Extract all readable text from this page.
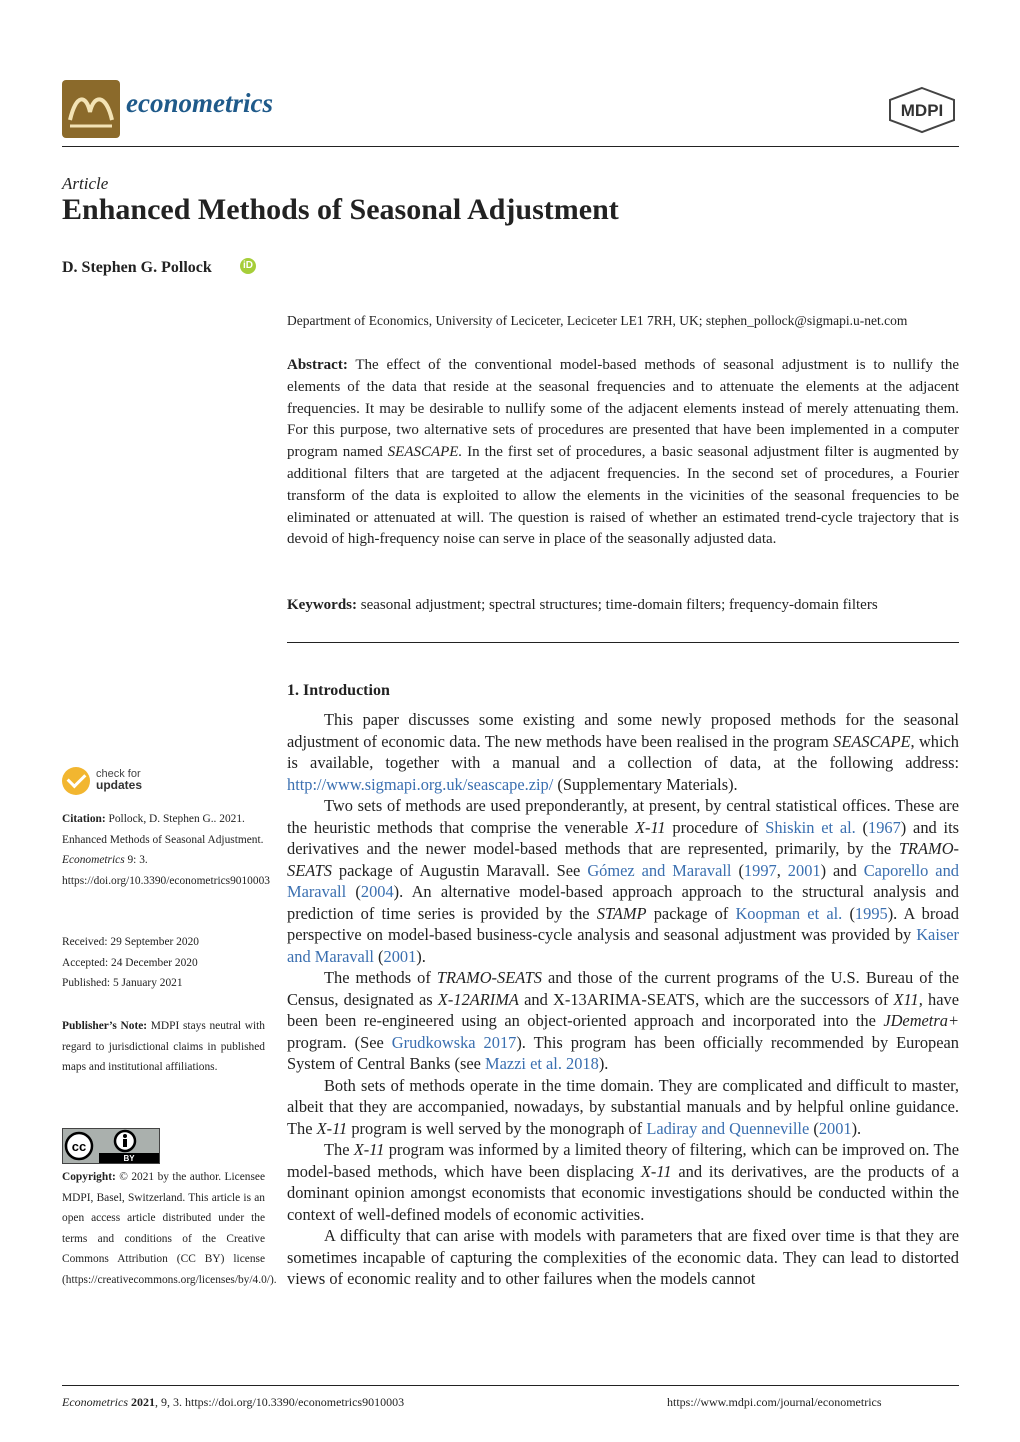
econometrics	MDPI
Article
Enhanced Methods of Seasonal Adjustment
D. Stephen G. Pollock	iD
Department of Economics, University of Leciceter, Leciceter LE1 7RH, UK; stephen_pollock@sigmapi.u-net.com

Abstract: The effect of the conventional model-based methods of seasonal adjustment is to nullify the elements of the data that reside at the seasonal frequencies and to attenuate the elements at the adjacent frequencies. It may be desirable to nullify some of the adjacent elements instead of merely attenuating them. For this purpose, two alternative sets of procedures are presented that have been implemented in a computer program named SEASCAPE. In the first set of procedures, a basic seasonal adjustment filter is augmented by additional filters that are targeted at the adjacent frequencies. In the second set of procedures, a Fourier transform of the data is exploited to allow the elements in the vicinities of the seasonal frequencies to be eliminated or attenuated at will. The question is raised of whether an estimated trend-cycle trajectory that is devoid of high-frequency noise can serve in place of the seasonally adjusted data.

Keywords: seasonal adjustment; spectral structures; time-domain filters; frequency-domain filters

1. Introduction

This paper discusses some existing and some newly proposed methods for the seasonal adjustment of economic data. The new methods have been realised in the program SEASCAPE, which is available, together with a manual and a collection of data, at the following address: http://www.sigmapi.org.uk/seascape.zip/ (Supplementary Materials).

Two sets of methods are used preponderantly, at present, by central statistical offices. These are the heuristic methods that comprise the venerable X-11 procedure of Shiskin et al. (1967) and its derivatives and the newer model-based methods that are represented, primarily, by the TRAMO-SEATS package of Augustin Maravall. See Gómez and Maravall (1997, 2001) and Caporello and Maravall (2004). An alternative model-based approach approach to the structural analysis and prediction of time series is provided by the STAMP package of Koopman et al. (1995). A broad perspective on model-based business-cycle analysis and seasonal adjustment was provided by Kaiser and Maravall (2001).

The methods of TRAMO-SEATS and those of the current programs of the U.S. Bureau of the Census, designated as X-12ARIMA and X-13ARIMA-SEATS, which are the successors of X11, have been been re-engineered using an object-oriented approach and incorporated into the JDemetra+ program. (See Grudkowska 2017). This program has been officially recommended by European System of Central Banks (see Mazzi et al. 2018).

Both sets of methods operate in the time domain. They are complicated and difficult to master, albeit that they are accompanied, nowadays, by substantial manuals and by helpful online guidance. The X-11 program is well served by the monograph of Ladiray and Quenneville (2001).

The X-11 program was informed by a limited theory of filtering, which can be improved on. The model-based methods, which have been displacing X-11 and its derivatives, are the products of a dominant opinion amongst economists that economic investigations should be conducted within the context of well-defined models of economic activities.

A difficulty that can arise with models with parameters that are fixed over time is that they are sometimes incapable of capturing the complexities of the economic data. They can lead to distorted views of economic reality and to other failures when the models cannot

check for
updates
Citation: Pollock, D. Stephen G.. 2021. Enhanced Methods of Seasonal Adjustment. Econometrics 9: 3. https://doi.org/10.3390/econometrics9010003

Received: 29 September 2020

Accepted: 24 December 2020

Published: 5 January 2021

Publisher’s Note: MDPI stays neutral with regard to jurisdictional claims in published maps and institutional affiliations.
cc
BY
Copyright: © 2021 by the author. Licensee MDPI, Basel, Switzerland. This article is an open access article distributed under the terms and conditions of the Creative Commons Attribution (CC BY) license (https://creativecommons.org/licenses/by/4.0/).
Econometrics 2021, 9, 3. https://doi.org/10.3390/econometrics9010003	https://www.mdpi.com/journal/econometrics
